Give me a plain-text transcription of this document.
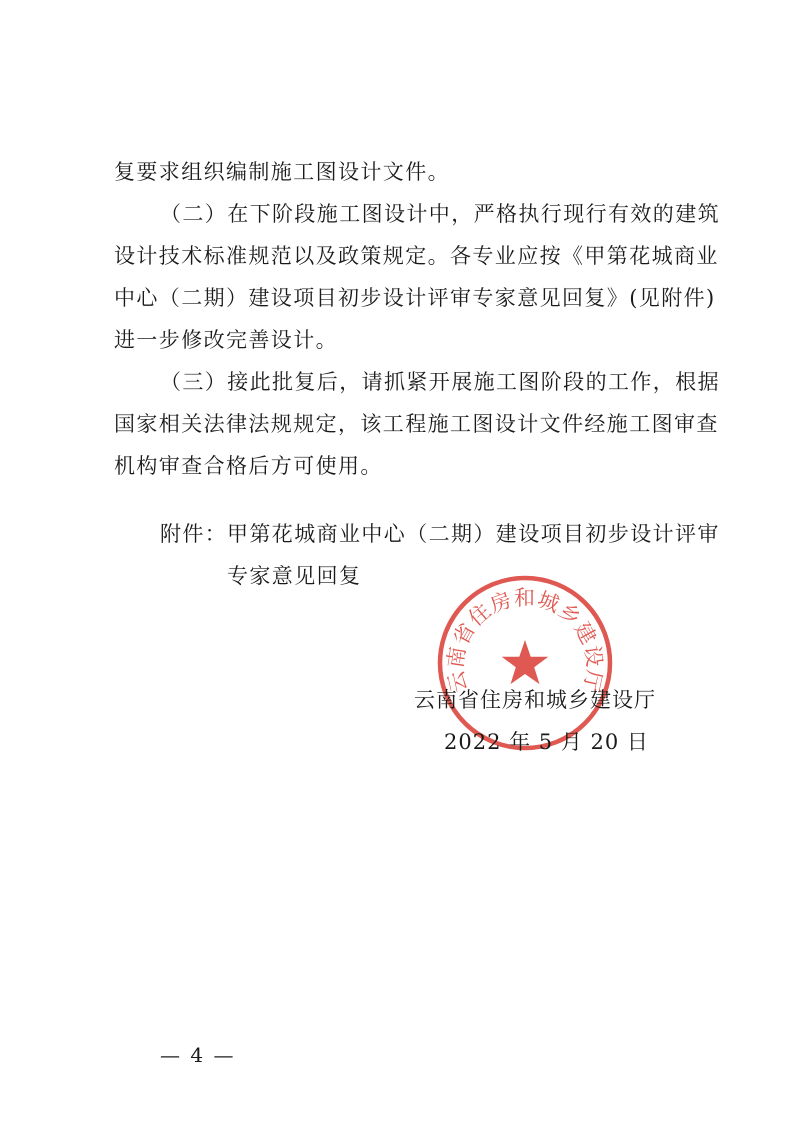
复要求组织编制施工图设计文件。
（二）在下阶段施工图设计中，严格执行现行有效的建筑
设计技术标准规范以及政策规定。各专业应按《甲第花城商业
中心（二期）建设项目初步设计评审专家意见回复》(见附件)
进一步修改完善设计。
（三）接此批复后，请抓紧开展施工图阶段的工作，根据
国家相关法律法规规定，该工程施工图设计文件经施工图审查
机构审查合格后方可使用。
附件： 甲第花城商业中心（二期）建设项目初步设计评审
专家意见回复
云南省住房和城乡建设厅
云南省住房和城乡建设厅
2022 年 5 月 20 日
— 4 —
